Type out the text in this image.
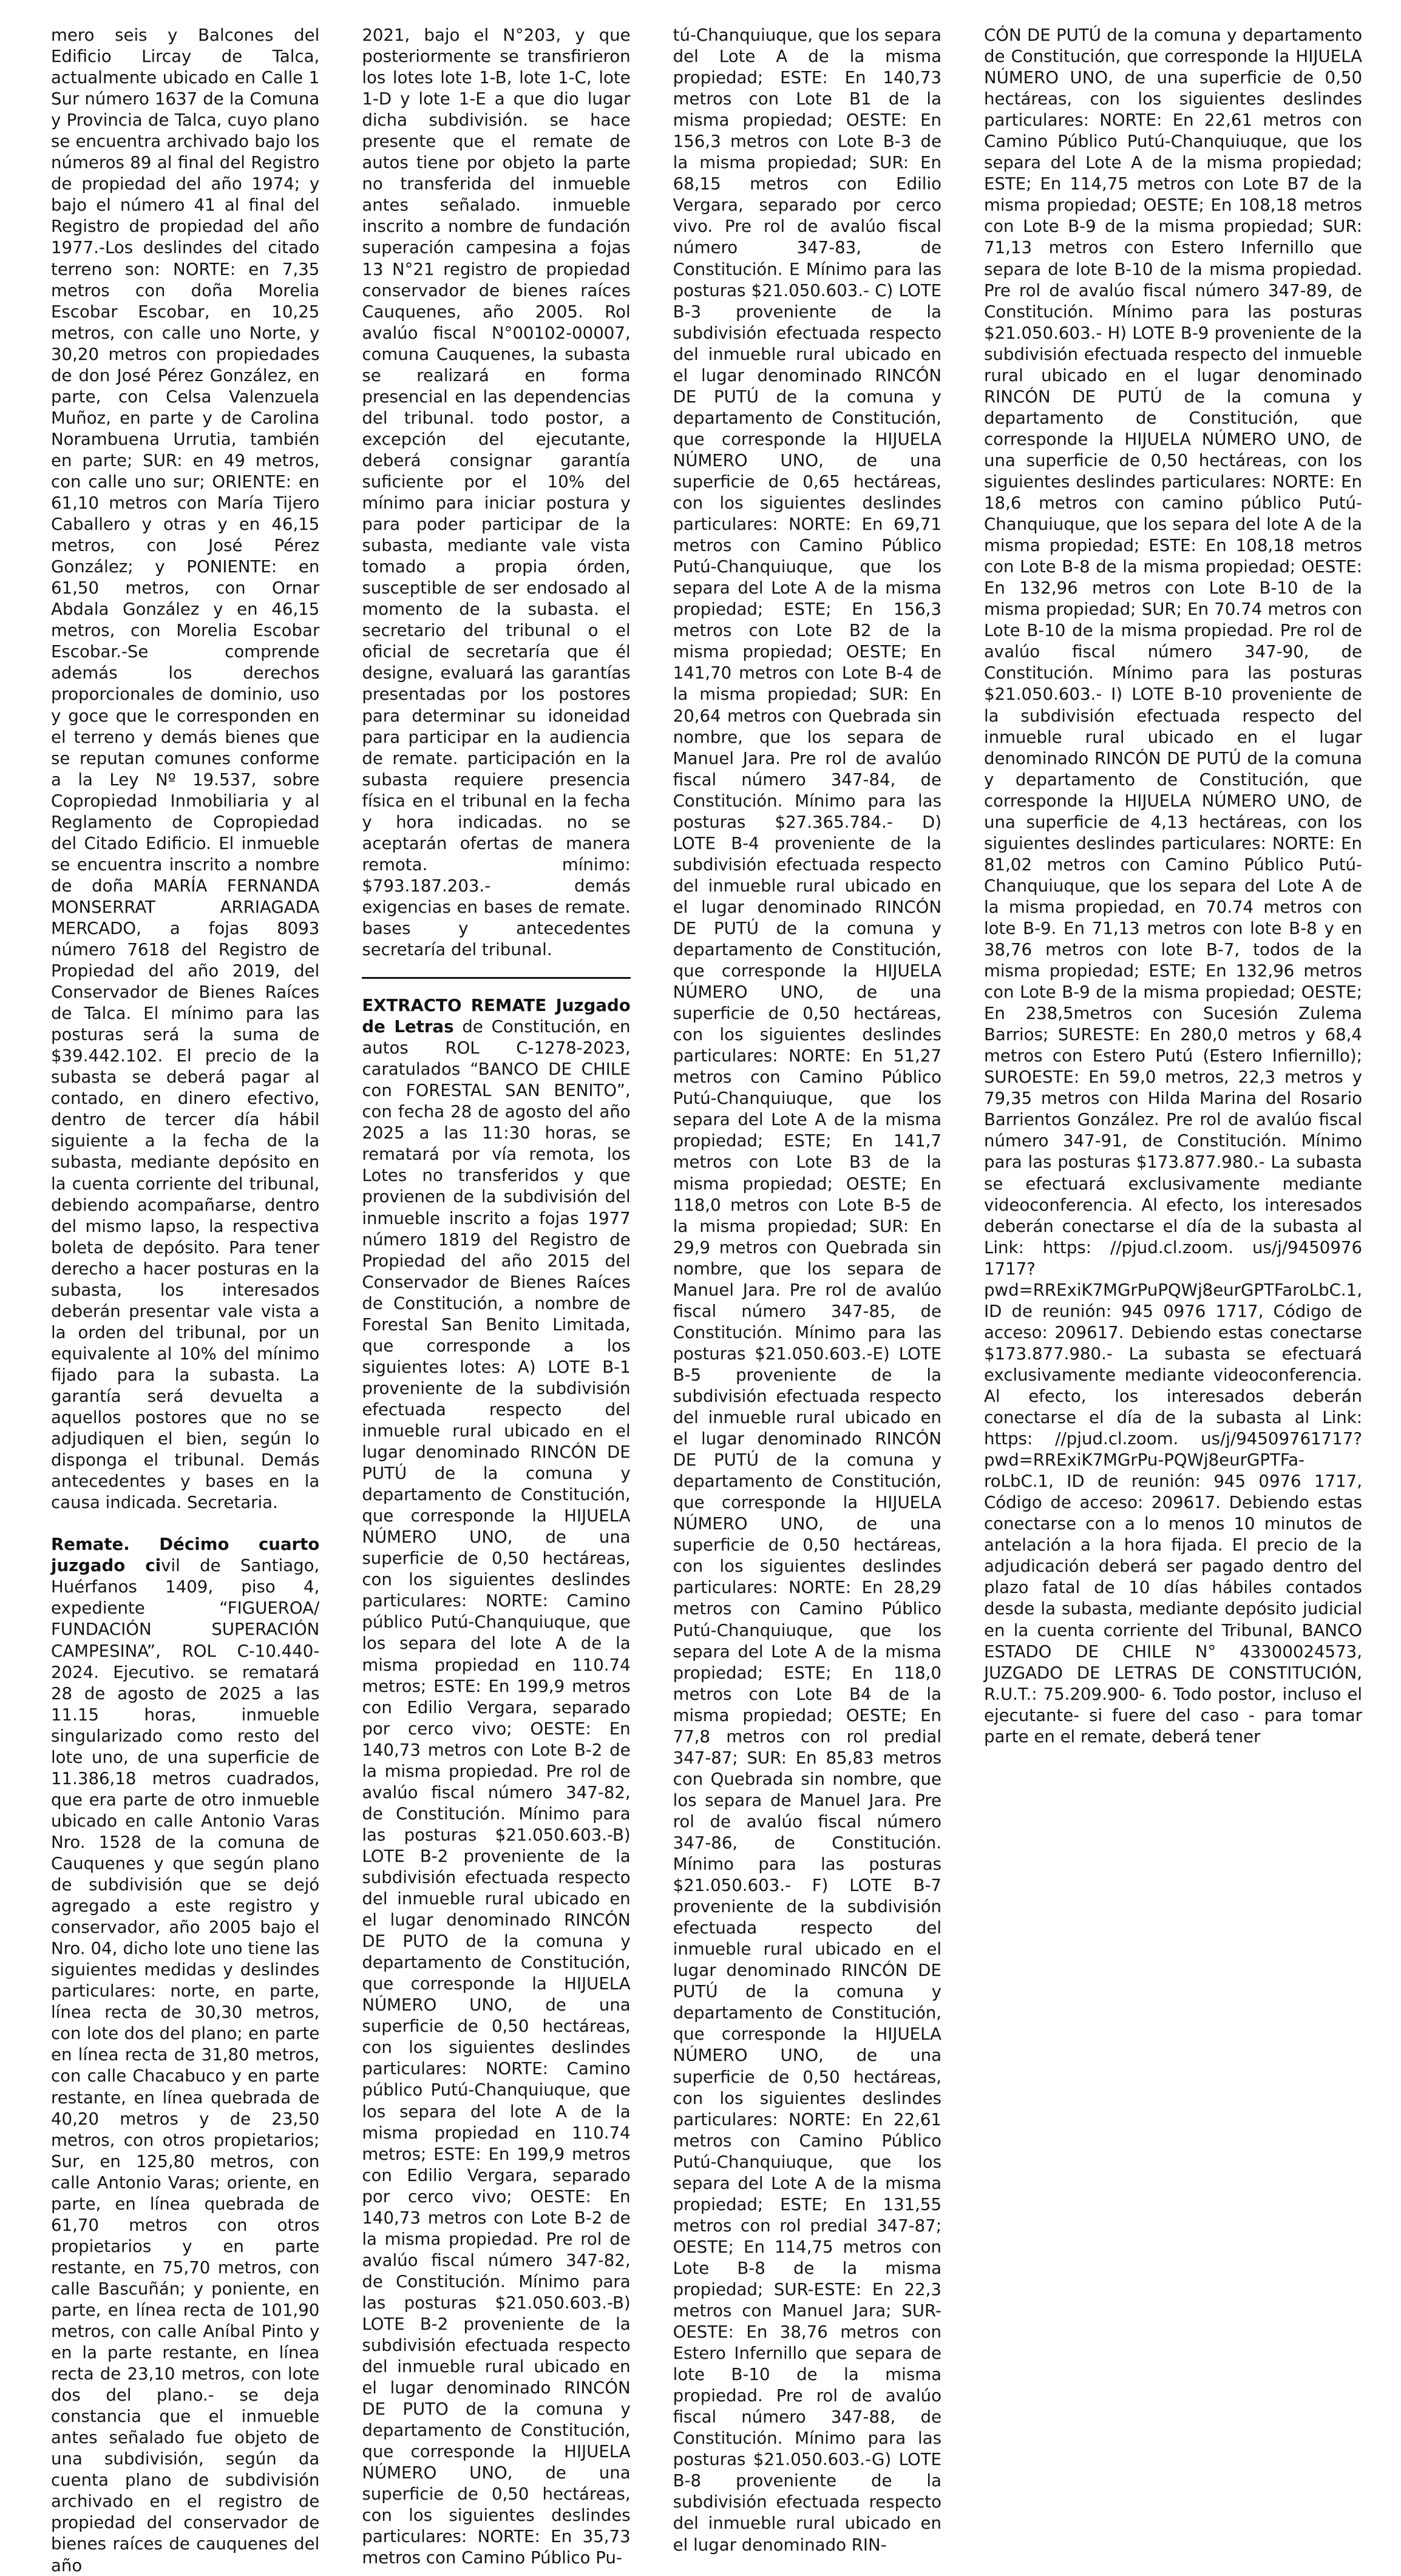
mero seis y Balcones del Edificio Lircay de Talca, actualmente ubicado en Calle 1 Sur número 1637 de la Comuna y Provincia de Talca, cuyo plano se encuentra archivado bajo los números 89 al final del Registro de propiedad del año 1974; y bajo el número 41 al final del Registro de propiedad del año 1977.-Los deslindes del citado terreno son: NORTE: en 7,35 metros con doña Morelia Escobar Escobar, en 10,25 metros, con calle uno Norte, y 30,20 metros con propiedades de don José Pérez González, en parte, con Celsa Valenzuela Muñoz, en parte y de Carolina Norambuena Urrutia, también en parte; SUR: en 49 metros, con calle uno sur; ORIENTE: en 61,10 metros con María Tijero Caballero y otras y en 46,15 metros, con José Pérez González; y PONIENTE: en 61,50 metros, con Ornar Abdala González y en 46,15 metros, con Morelia Escobar Escobar.-Se comprende además los derechos proporcionales de dominio, uso y goce que le corresponden en el terreno y demás bienes que se reputan comunes conforme a la Ley Nº 19.537, sobre Copropiedad Inmobiliaria y al Reglamento de Copropiedad del Citado Edificio. El inmueble se encuentra inscrito a nombre de doña MARÍA FERNANDA MONSERRAT ARRIAGADA MERCADO, a fojas 8093 número 7618 del Registro de Propiedad del año 2019, del Conservador de Bienes Raíces de Talca. El mínimo para las posturas será la suma de $39.442.102. El precio de la subasta se deberá pagar al contado, en dinero efectivo, dentro de tercer día hábil siguiente a la fecha de la subasta, mediante depósito en la cuenta corriente del tribunal, debiendo acompañarse, dentro del mismo lapso, la respectiva boleta de depósito. Para tener derecho a hacer posturas en la subasta, los interesados deberán presentar vale vista a la orden del tribunal, por un equivalente al 10% del mínimo fijado para la subasta. La garantía será devuelta a aquellos postores que no se adjudiquen el bien, según lo disponga el tribunal. Demás antecedentes y bases en la causa indicada. Secretaria.

Remate. Décimo cuarto juzgado civil de Santiago, Huérfanos 1409, piso 4, expediente “FIGUEROA/ FUNDACIÓN SUPERACIÓN CAMPESINA”, ROL C-10.440-2024. Ejecutivo. se rematará 28 de agosto de 2025 a las 11.15 horas, inmueble singularizado como resto del lote uno, de una superficie de 11.386,18 metros cuadrados, que era parte de otro inmueble ubicado en calle Antonio Varas Nro. 1528 de la comuna de Cauquenes y que según plano de subdivisión que se dejó agregado a este registro y conservador, año 2005 bajo el Nro. 04, dicho lote uno tiene las siguientes medidas y deslindes particulares: norte, en parte, línea recta de 30,30 metros, con lote dos del plano; en parte en línea recta de 31,80 metros, con calle Chacabuco y en parte restante, en línea quebrada de 40,20 metros y de 23,50 metros, con otros propietarios; Sur, en 125,80 metros, con calle Antonio Varas; oriente, en parte, en línea quebrada de 61,70 metros con otros propietarios y en parte restante, en 75,70 metros, con calle Bascuñán; y poniente, en parte, en línea recta de 101,90 metros, con calle Aníbal Pinto y en la parte restante, en línea recta de 23,10 metros, con lote dos del plano.- se deja constancia que el inmueble antes señalado fue objeto de una subdivisión, según da cuenta plano de subdivisión archivado en el registro de propiedad del conservador de bienes raíces de cauquenes del año

2021, bajo el N°203, y que posteriormente se transfirieron los lotes lote 1-B, lote 1-C, lote 1-D y lote 1-E a que dio lugar dicha subdivisión. se hace presente que el remate de autos tiene por objeto la parte no transferida del inmueble antes señalado. inmueble inscrito a nombre de fundación superación campesina a fojas 13 N°21 registro de propiedad conservador de bienes raíces Cauquenes, año 2005. Rol avalúo fiscal N°00102-00007, comuna Cauquenes, la subasta se realizará en forma presencial en las dependencias del tribunal. todo postor, a excepción del ejecutante, deberá consignar garantía suficiente por el 10% del mínimo para iniciar postura y para poder participar de la subasta, mediante vale vista tomado a propia órden, susceptible de ser endosado al momento de la subasta. el secretario del tribunal o el oficial de secretaría que él designe, evaluará las garantías presentadas por los postores para determinar su idoneidad para participar en la audiencia de remate. participación en la subasta requiere presencia física en el tribunal en la fecha y hora indicadas. no se aceptarán ofertas de manera remota. mínimo: $793.187.203.- demás exigencias en bases de remate. bases y antecedentes secretaría del tribunal.

EXTRACTO REMATE Juzgado de Letras de Constitución, en autos ROL C-1278-2023, caratulados “BANCO DE CHILE con FORESTAL SAN BENITO”, con fecha 28 de agosto del año 2025 a las 11:30 horas, se rematará por vía remota, los Lotes no transferidos y que provienen de la subdivisión del inmueble inscrito a fojas 1977 número 1819 del Registro de Propiedad del año 2015 del Conservador de Bienes Raíces de Constitución, a nombre de Forestal San Benito Limitada, que corresponde a los siguientes lotes: A) LOTE B-1 proveniente de la subdivisión efectuada respecto del inmueble rural ubicado en el lugar denominado RINCÓN DE PUTÚ de la comuna y departamento de Constitución, que corresponde la HIJUELA NÚMERO UNO, de una superficie de 0,50 hectáreas, con los siguientes deslindes particulares: NORTE: Camino público Putú-Chanquiuque, que los separa del lote A de la misma propiedad en 110.74 metros; ESTE: En 199,9 metros con Edilio Vergara, separado por cerco vivo; OESTE: En 140,73 metros con Lote B-2 de la misma propiedad. Pre rol de avalúo fiscal número 347-82, de Constitución. Mínimo para las posturas $21.050.603.-B) LOTE B-2 proveniente de la subdivisión efectuada respecto del inmueble rural ubicado en el lugar denominado RINCÓN DE PUTO de la comuna y departamento de Constitución, que corresponde la HIJUELA NÚMERO UNO, de una superficie de 0,50 hectáreas, con los siguientes deslindes particulares: NORTE: Camino público Putú-Chanquiuque, que los separa del lote A de la misma propiedad en 110.74 metros; ESTE: En 199,9 metros con Edilio Vergara, separado por cerco vivo; OESTE: En 140,73 metros con Lote B-2 de la misma propiedad. Pre rol de avalúo fiscal número 347-82, de Constitución. Mínimo para las posturas $21.050.603.-B) LOTE B-2 proveniente de la subdivisión efectuada respecto del inmueble rural ubicado en el lugar denominado RINCÓN DE PUTO de la comuna y departamento de Constitución, que corresponde la HIJUELA NÚMERO UNO, de una superficie de 0,50 hectáreas, con los siguientes deslindes particulares: NORTE: En 35,73 metros con Camino Público Pu-

tú-Chanquiuque, que los separa del Lote A de la misma propiedad; ESTE: En 140,73 metros con Lote B1 de la misma propiedad; OESTE: En 156,3 metros con Lote B-3 de la misma propiedad; SUR: En 68,15 metros con Edilio Vergara, separado por cerco vivo. Pre rol de avalúo fiscal número 347-83, de Constitución. E Mínimo para las posturas $21.050.603.- C) LOTE B-3 proveniente de la subdivisión efectuada respecto del inmueble rural ubicado en el lugar denominado RINCÓN DE PUTÚ de la comuna y departamento de Constitución, que corresponde la HIJUELA NÚMERO UNO, de una superficie de 0,65 hectáreas, con los siguientes deslindes particulares: NORTE: En 69,71 metros con Camino Público Putú-Chanquiuque, que los separa del Lote A de la misma propiedad; ESTE; En 156,3 metros con Lote B2 de la misma propiedad; OESTE; En 141,70 metros con Lote B-4 de la misma propiedad; SUR: En 20,64 metros con Quebrada sin nombre, que los separa de Manuel Jara. Pre rol de avalúo fiscal número 347-84, de Constitución. Mínimo para las posturas $27.365.784.- D) LOTE B-4 proveniente de la subdivisión efectuada respecto del inmueble rural ubicado en el lugar denominado RINCÓN DE PUTÚ de la comuna y departamento de Constitución, que corresponde la HIJUELA NÚMERO UNO, de una superficie de 0,50 hectáreas, con los siguientes deslindes particulares: NORTE: En 51,27 metros con Camino Público Putú-Chanquiuque, que los separa del Lote A de la misma propiedad; ESTE; En 141,7 metros con Lote B3 de la misma propiedad; OESTE; En 118,0 metros con Lote B-5 de la misma propiedad; SUR: En 29,9 metros con Quebrada sin nombre, que los separa de Manuel Jara. Pre rol de avalúo fiscal número 347-85, de Constitución. Mínimo para las posturas $21.050.603.-E) LOTE B-5 proveniente de la subdivisión efectuada respecto del inmueble rural ubicado en el lugar denominado RINCÓN DE PUTÚ de la comuna y departamento de Constitución, que corresponde la HIJUELA NÚMERO UNO, de una superficie de 0,50 hectáreas, con los siguientes deslindes particulares: NORTE: En 28,29 metros con Camino Público Putú-Chanquiuque, que los separa del Lote A de la misma propiedad; ESTE; En 118,0 metros con Lote B4 de la misma propiedad; OESTE; En 77,8 metros con rol predial 347-87; SUR: En 85,83 metros con Quebrada sin nombre, que los separa de Manuel Jara. Pre rol de avalúo fiscal número 347-86, de Constitución. Mínimo para las posturas $21.050.603.- F) LOTE B-7 proveniente de la subdivisión efectuada respecto del inmueble rural ubicado en el lugar denominado RINCÓN DE PUTÚ de la comuna y departamento de Constitución, que corresponde la HIJUELA NÚMERO UNO, de una superficie de 0,50 hectáreas, con los siguientes deslindes particulares: NORTE: En 22,61 metros con Camino Público Putú-Chanquiuque, que los separa del Lote A de la misma propiedad; ESTE; En 131,55 metros con rol predial 347-87; OESTE; En 114,75 metros con Lote B-8 de la misma propiedad; SUR-ESTE: En 22,3 metros con Manuel Jara; SUR-OESTE: En 38,76 metros con Estero Infernillo que separa de lote B-10 de la misma propiedad. Pre rol de avalúo fiscal número 347-88, de Constitución. Mínimo para las posturas $21.050.603.-G) LOTE B-8 proveniente de la subdivisión efectuada respecto del inmueble rural ubicado en el lugar denominado RIN-

CÓN DE PUTÚ de la comuna y departamento de Constitución, que corresponde la HIJUELA NÚMERO UNO, de una superficie de 0,50 hectáreas, con los siguientes deslindes particulares: NORTE: En 22,61 metros con Camino Público Putú-Chanquiuque, que los separa del Lote A de la misma propiedad; ESTE; En 114,75 metros con Lote B7 de la misma propiedad; OESTE; En 108,18 metros con Lote B-9 de la misma propiedad; SUR: 71,13 metros con Estero Infernillo que separa de lote B-10 de la misma propiedad. Pre rol de avalúo fiscal número 347-89, de Constitución. Mínimo para las posturas $21.050.603.- H) LOTE B-9 proveniente de la subdivisión efectuada respecto del inmueble rural ubicado en el lugar denominado RINCÓN DE PUTÚ de la comuna y departamento de Constitución, que corresponde la HIJUELA NÚMERO UNO, de una superficie de 0,50 hectáreas, con los siguientes deslindes particulares: NORTE: En 18,6 metros con camino público Putú-Chanquiuque, que los separa del lote A de la misma propiedad; ESTE: En 108,18 metros con Lote B-8 de la misma propiedad; OESTE: En 132,96 metros con Lote B-10 de la misma propiedad; SUR; En 70.74 metros con Lote B-10 de la misma propiedad. Pre rol de avalúo fiscal número 347-90, de Constitución. Mínimo para las posturas $21.050.603.- I) LOTE B-10 proveniente de la subdivisión efectuada respecto del inmueble rural ubicado en el lugar denominado RINCÓN DE PUTÚ de la comuna y departamento de Constitución, que corresponde la HIJUELA NÚMERO UNO, de una superficie de 4,13 hectáreas, con los siguientes deslindes particulares: NORTE: En 81,02 metros con Camino Público Putú-Chanquiuque, que los separa del Lote A de la misma propiedad, en 70.74 metros con lote B-9. En 71,13 metros con lote B-8 y en 38,76 metros con lote B-7, todos de la misma propiedad; ESTE; En 132,96 metros con Lote B-9 de la misma propiedad; OESTE; En 238,5metros con Sucesión Zulema Barrios; SURESTE: En 280,0 metros y 68,4 metros con Estero Putú (Estero Infiernillo); SUROESTE: En 59,0 metros, 22,3 metros y 79,35 metros con Hilda Marina del Rosario Barrientos González. Pre rol de avalúo fiscal número 347-91, de Constitución. Mínimo para las posturas $173.877.980.- La subasta se efectuará exclusivamente mediante videoconferencia. Al efecto, los interesados deberán conectarse el día de la subasta al Link: https: //pjud.cl.zoom. us/j/9450976 1717?pwd=RRExiK7MGrPuPQWj8eurGPTFaroLbC.1, ID de reunión: 945 0976 1717, Código de acceso: 209617. Debiendo estas conectarse $173.877.980.- La subasta se efectuará exclusivamente mediante videoconferencia. Al efecto, los interesados deberán conectarse el día de la subasta al Link: https: //pjud.cl.zoom. us/j/94509761717?pwd=RRExiK7MGrPu-PQWj8eurGPTFa-roLbC.1, ID de reunión: 945 0976 1717, Código de acceso: 209617. Debiendo estas conectarse con a lo menos 10 minutos de antelación a la hora fijada. El precio de la adjudicación deberá ser pagado dentro del plazo fatal de 10 días hábiles contados desde la subasta, mediante depósito judicial en la cuenta corriente del Tribunal, BANCO ESTADO DE CHILE N° 43300024573, JUZGADO DE LETRAS DE CONSTITUCIÓN, R.U.T.: 75.209.900- 6. Todo postor, incluso el ejecutante- si fuere del caso - para tomar parte en el remate, deberá tener
